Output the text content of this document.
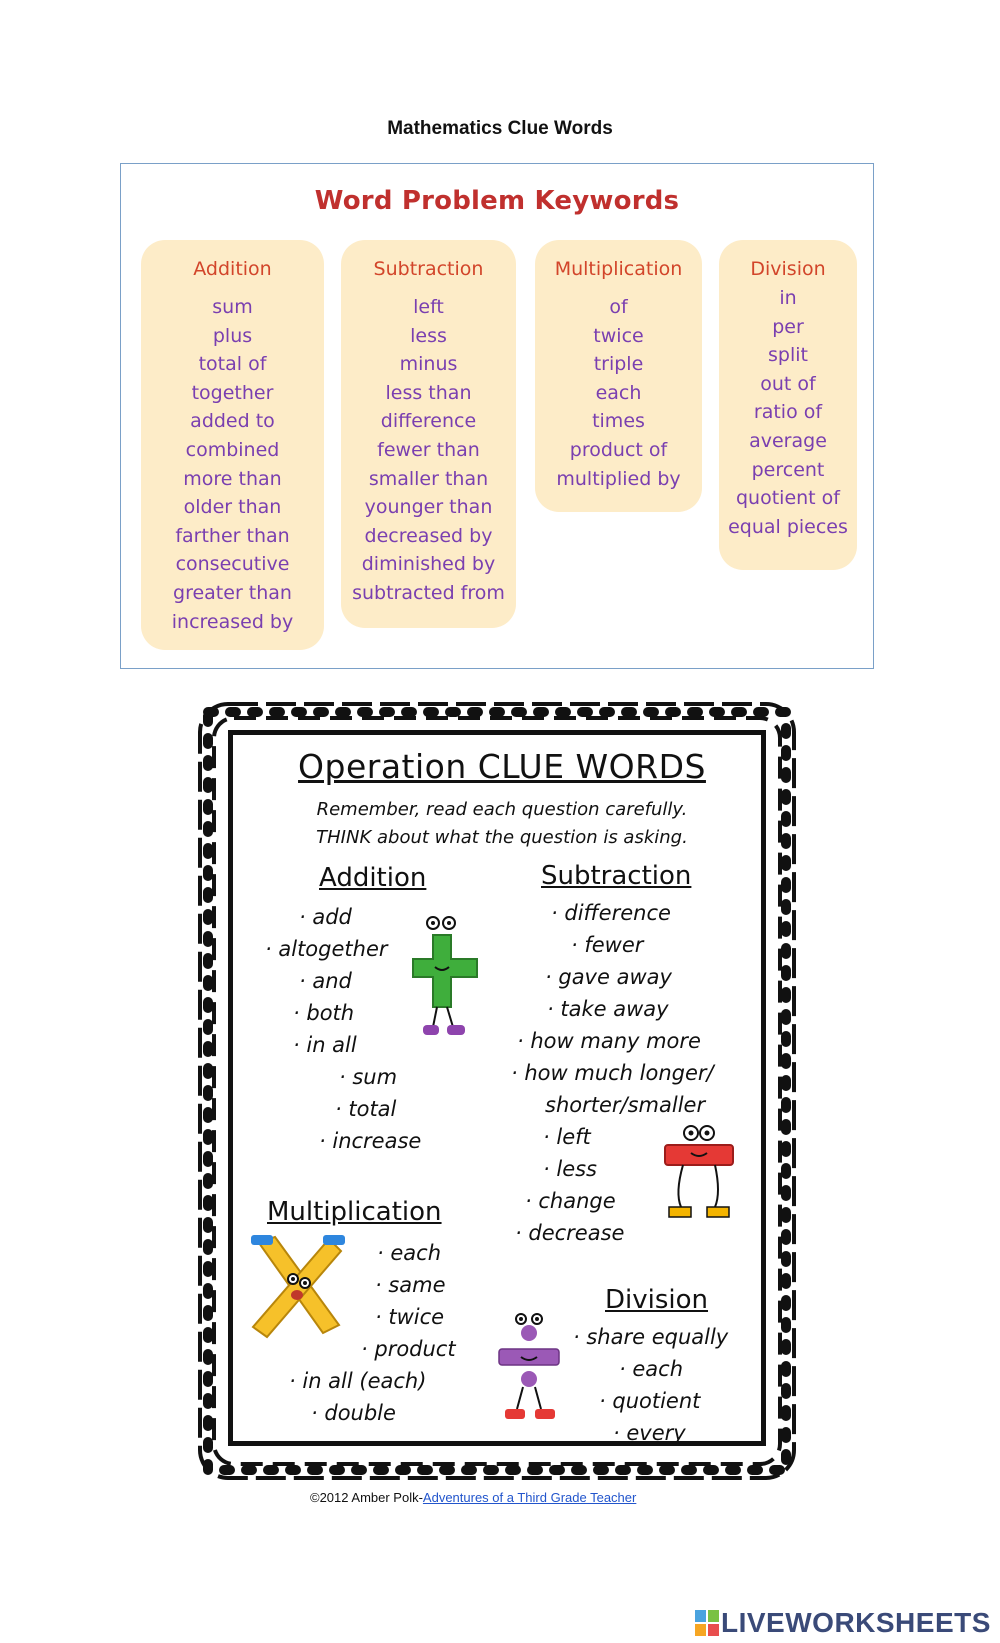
Mathematics Clue Words
Word Problem Keywords
Addition
sum
plus
total of
together
added to
combined
more than
older than
farther than
consecutive
greater than
increased by
Subtraction
left
less
minus
less than
difference
fewer than
smaller than
younger than
decreased by
diminished by
subtracted from
Multiplication
of
twice
triple
each
times
product of
multiplied by
Division
in
per
split
out of
ratio of
average
percent
quotient of
equal pieces
Operation CLUE WORDS
Remember, read each question carefully.
THINK about what the question is asking.
Addition
· add
· altogether
· and
· both
· in all
· sum
· total
· increase
Subtraction
· difference
· fewer
· gave away
· take away
· how many more
· how much longer/
shorter/smaller
· left
· less
· change
· decrease
Multiplication
· each
· same
· twice
· product
· in all (each)
· double
Division
· share equally
· each
· quotient
· every
©2012 Amber Polk-Adventures of a Third Grade Teacher
LIVEWORKSHEETS
